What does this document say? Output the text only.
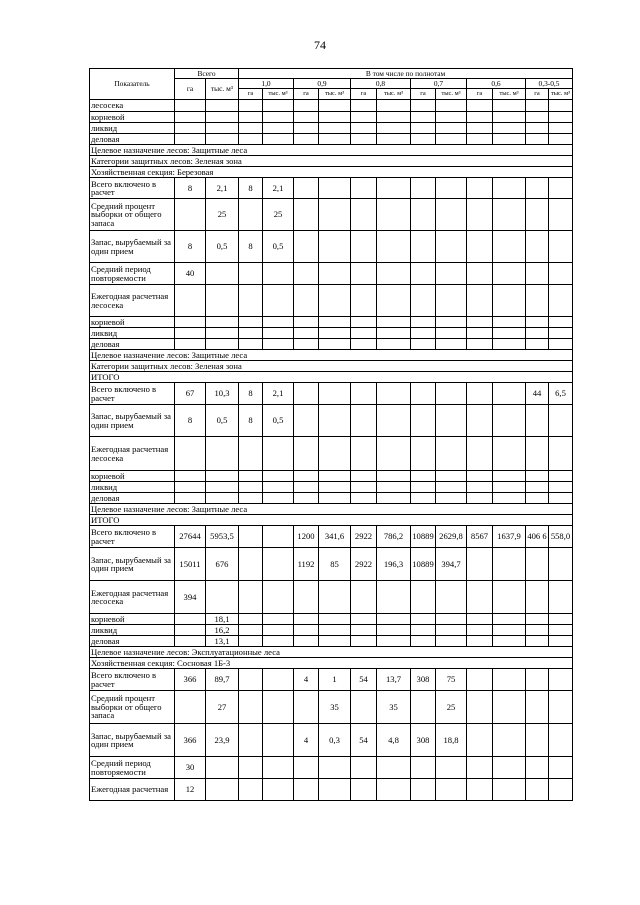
74
Показатель	Всего		В том числе по полнотам											
	га	тыс. м³	1,0		0,9		0,8		0,7		0,6		0,3-0,5	
			га	тыс. м³	га	тыс. м³	га	тыс. м³	га	тыс. м³	га	тыс. м³	га	тыс. м³
лесосека														
корневой														
ликвид														
деловая														
Целевое назначение лесов: Защитные леса														
Категории защитных лесов: Зеленая зона														
Хозяйственная секция: Березовая														
Всего включено в расчет	8	2,1	8	2,1										
Средний процент выборки от общего запаса		25		25										
Запас, вырубаемый за один прием	8	0,5	8	0,5										
Средний период повторяемости	40													
Ежегодная расчетная лесосека														
корневой														
ликвид														
деловая														
Целевое назначение лесов: Защитные леса														
Категории защитных лесов: Зеленая зона														
ИТОГО														
Всего включено в расчет	67	10,3	8	2,1									44	6,5
Запас, вырубаемый за один прием	8	0,5	8	0,5										
Ежегодная расчетная лесосека														
корневой														
ликвид														
деловая														
Целевое назначение лесов: Защитные леса														
ИТОГО														
Всего включено в расчет	27644	5953,5			1200	341,6	2922	786,2	10889	2629,8	8567	1637,9	406 6	558,0
Запас, вырубаемый за один прием	15011	676			1192	85	2922	196,3	10889	394,7				
Ежегодная расчетная лесосека	394													
корневой		18,1												
ликвид		16,2												
деловая		13,1												
Целевое назначение лесов: Эксплуатационные леса														
Хозяйственная секция: Сосновая 1Б-3														
Всего включено в расчет	366	89,7			4	1	54	13,7	308	75				
Средний процент выборки от общего запаса		27				35		35		25				
Запас, вырубаемый за один прием	366	23,9			4	0,3	54	4,8	308	18,8				
Средний период повторяемости	30													
Ежегодная расчетная	12													
